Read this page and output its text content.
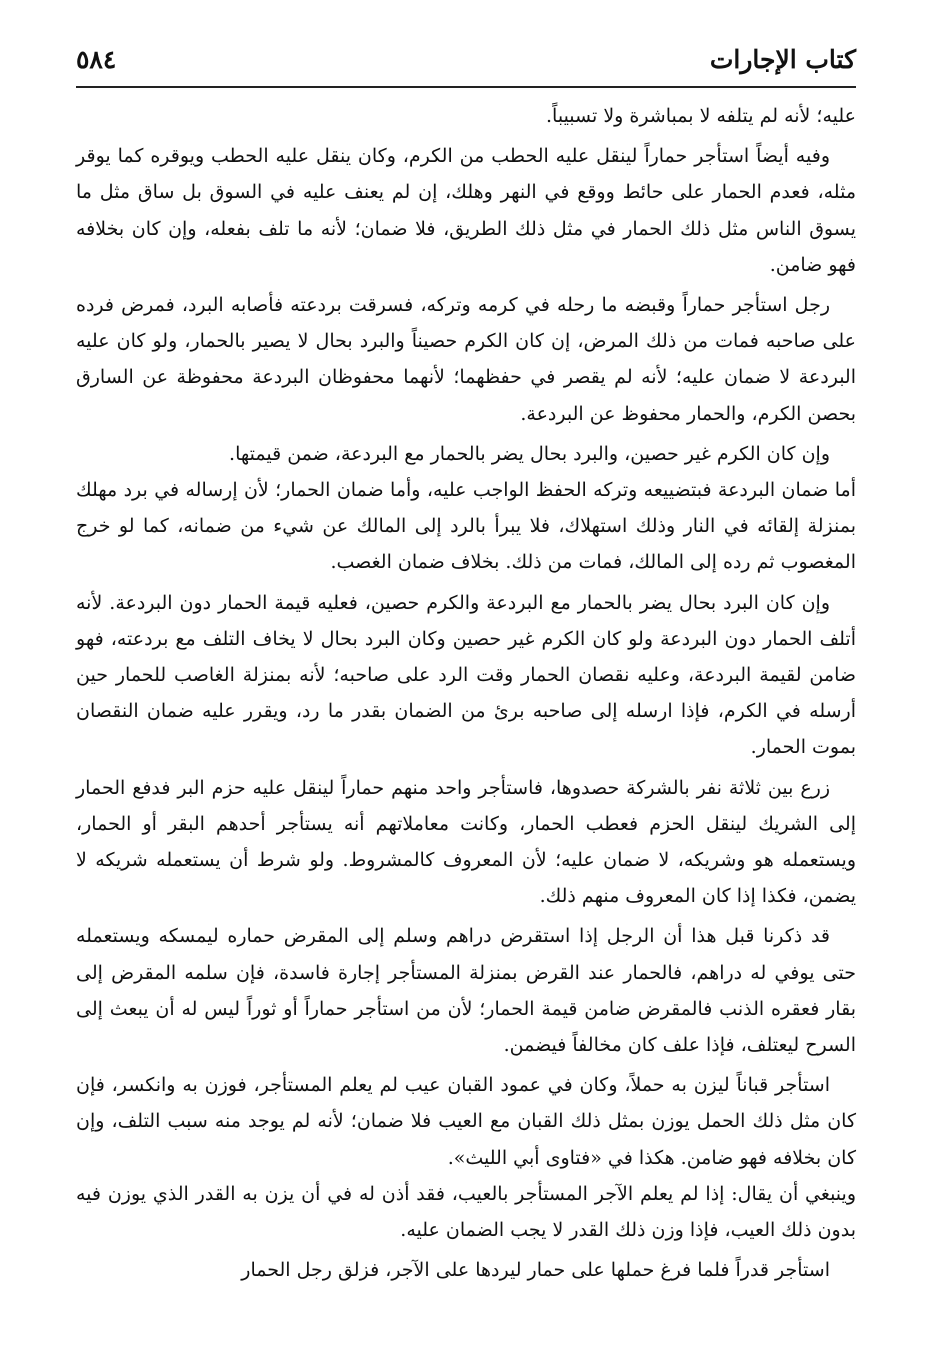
كتاب الإجارات
٥٨٤

عليه؛ لأنه لم يتلفه لا بمباشرة ولا تسبيباً.

وفيه أيضاً استأجر حماراً لينقل عليه الحطب من الكرم، وكان ينقل عليه الحطب ويوقره كما يوقر مثله، فعدم الحمار على حائط ووقع في النهر وهلك، إن لم يعنف عليه في السوق بل ساق مثل ما يسوق الناس مثل ذلك الحمار في مثل ذلك الطريق، فلا ضمان؛ لأنه ما تلف بفعله، وإن كان بخلافه فهو ضامن.

رجل استأجر حماراً وقبضه ما رحله في كرمه وتركه، فسرقت بردعته فأصابه البرد، فمرض فرده على صاحبه فمات من ذلك المرض، إن كان الكرم حصيناً والبرد بحال لا يصير بالحمار، ولو كان عليه البردعة لا ضمان عليه؛ لأنه لم يقصر في حفظهما؛ لأنهما محفوظان البردعة محفوظة عن السارق بحصن الكرم، والحمار محفوظ عن البردعة.

وإن كان الكرم غير حصين، والبرد بحال يضر بالحمار مع البردعة، ضمن قيمتها.

أما ضمان البردعة فبتضييعه وتركه الحفظ الواجب عليه، وأما ضمان الحمار؛ لأن إرساله في برد مهلك بمنزلة إلقائه في النار وذلك استهلاك، فلا يبرأ بالرد إلى المالك عن شيء من ضمانه، كما لو خرج المغصوب ثم رده إلى المالك، فمات من ذلك. بخلاف ضمان الغصب.

وإن كان البرد بحال يضر بالحمار مع البردعة والكرم حصين، فعليه قيمة الحمار دون البردعة. لأنه أتلف الحمار دون البردعة ولو كان الكرم غير حصين وكان البرد بحال لا يخاف التلف مع بردعته، فهو ضامن لقيمة البردعة، وعليه نقصان الحمار وقت الرد على صاحبه؛ لأنه بمنزلة الغاصب للحمار حين أرسله في الكرم، فإذا ارسله إلى صاحبه برئ من الضمان بقدر ما رد، ويقرر عليه ضمان النقصان بموت الحمار.

زرع بين ثلاثة نفر بالشركة حصدوها، فاستأجر واحد منهم حماراً لينقل عليه حزم البر فدفع الحمار إلى الشريك لينقل الحزم فعطب الحمار، وكانت معاملاتهم أنه يستأجر أحدهم البقر أو الحمار، ويستعمله هو وشريكه، لا ضمان عليه؛ لأن المعروف كالمشروط. ولو شرط أن يستعمله شريكه لا يضمن، فكذا إذا كان المعروف منهم ذلك.

قد ذكرنا قبل هذا أن الرجل إذا استقرض دراهم وسلم إلى المقرض حماره ليمسكه ويستعمله حتى يوفي له دراهم، فالحمار عند القرض بمنزلة المستأجر إجارة فاسدة، فإن سلمه المقرض إلى بقار فعقره الذنب فالمقرض ضامن قيمة الحمار؛ لأن من استأجر حماراً أو ثوراً ليس له أن يبعث إلى السرح ليعتلف، فإذا علف كان مخالفاً فيضمن.

استأجر قباناً ليزن به حملاً، وكان في عمود القبان عيب لم يعلم المستأجر، فوزن به وانكسر، فإن كان مثل ذلك الحمل يوزن بمثل ذلك القبان مع العيب فلا ضمان؛ لأنه لم يوجد منه سبب التلف، وإن كان بخلافه فهو ضامن. هكذا في «فتاوى أبي الليث».

وينبغي أن يقال: إذا لم يعلم الآجر المستأجر بالعيب، فقد أذن له في أن يزن به القدر الذي يوزن فيه بدون ذلك العيب، فإذا وزن ذلك القدر لا يجب الضمان عليه.

استأجر قدراً فلما فرغ حملها على حمار ليردها على الآجر، فزلق رجل الحمار
